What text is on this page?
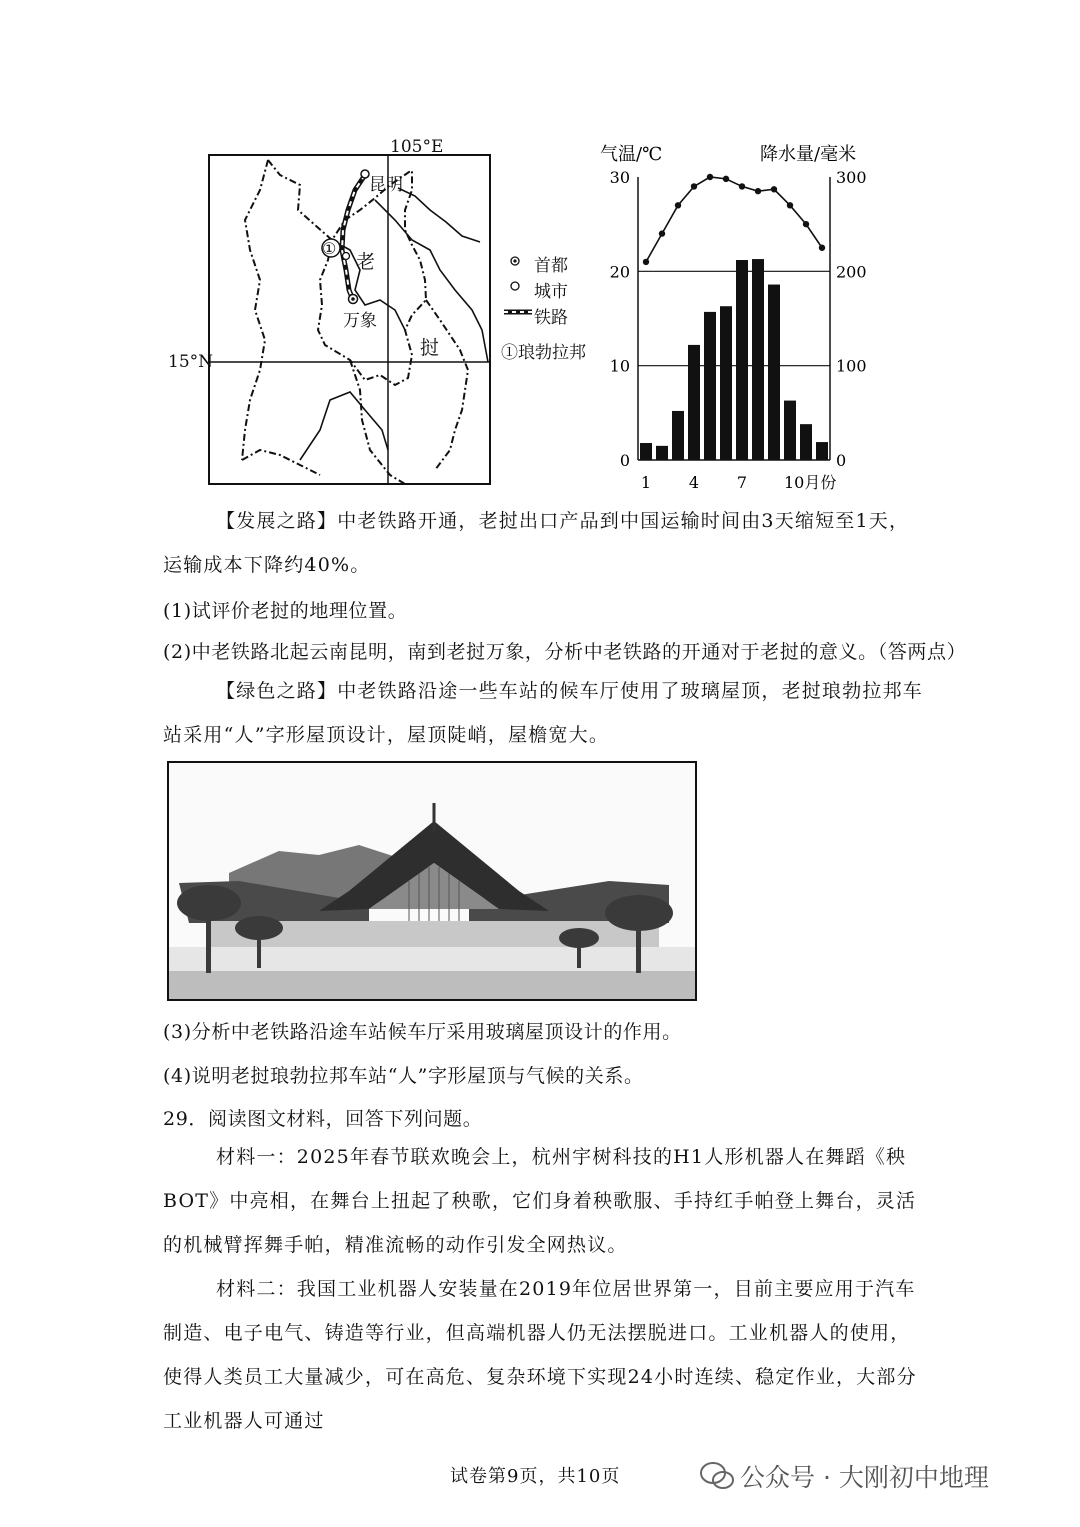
105°E
15°N
昆明
①
老
万象
挝
首都
城市
铁路
①琅勃拉邦
气温/℃	降水量/毫米
30
20
10
0
300
200
100
0
1 4 7 10月份
【发展之路】中老铁路开通，老挝出口产品到中国运输时间由3天缩短至1天，运输成本下降约40%。
(1)试评价老挝的地理位置。
(2)中老铁路北起云南昆明，南到老挝万象，分析中老铁路的开通对于老挝的意义。（答两点）
【绿色之路】中老铁路沿途一些车站的候车厅使用了玻璃屋顶，老挝琅勃拉邦车站采用“人”字形屋顶设计，屋顶陡峭，屋檐宽大。
(3)分析中老铁路沿途车站候车厅采用玻璃屋顶设计的作用。
(4)说明老挝琅勃拉邦车站“人”字形屋顶与气候的关系。
29．阅读图文材料，回答下列问题。
材料一：2025年春节联欢晚会上，杭州宇树科技的H1人形机器人在舞蹈《秧BOT》中亮相，在舞台上扭起了秧歌，它们身着秧歌服、手持红手帕登上舞台，灵活的机械臂挥舞手帕，精准流畅的动作引发全网热议。
材料二：我国工业机器人安装量在2019年位居世界第一，目前主要应用于汽车制造、电子电气、铸造等行业，但高端机器人仍无法摆脱进口。工业机器人的使用，使得人类员工大量减少，可在高危、复杂环境下实现24小时连续、稳定作业，大部分工业机器人可通过
试卷第9页，共10页	公众号 · 大刚初中地理
